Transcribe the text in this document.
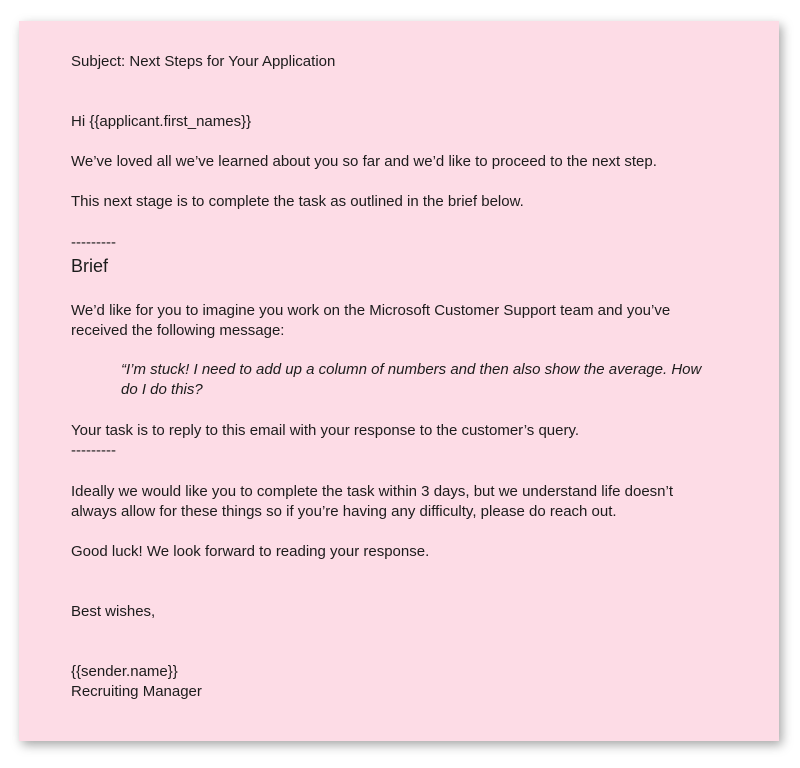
Subject: Next Steps for Your Application

Hi {{applicant.first_names}}

We’ve loved all we’ve learned about you so far and we’d like to proceed to the next step.

This next stage is to complete the task as outlined in the brief below.

---------

Brief

We’d like for you to imagine you work on the Microsoft Customer Support team and you’ve received the following message:

“I’m stuck! I need to add up a column of numbers and then also show the average. How do I do this?

Your task is to reply to this email with your response to the customer’s query.

---------

Ideally we would like you to complete the task within 3 days, but we understand life doesn’t always allow for these things so if you’re having any difficulty, please do reach out.

Good luck! We look forward to reading your response.

Best wishes,

{{sender.name}}

Recruiting Manager
